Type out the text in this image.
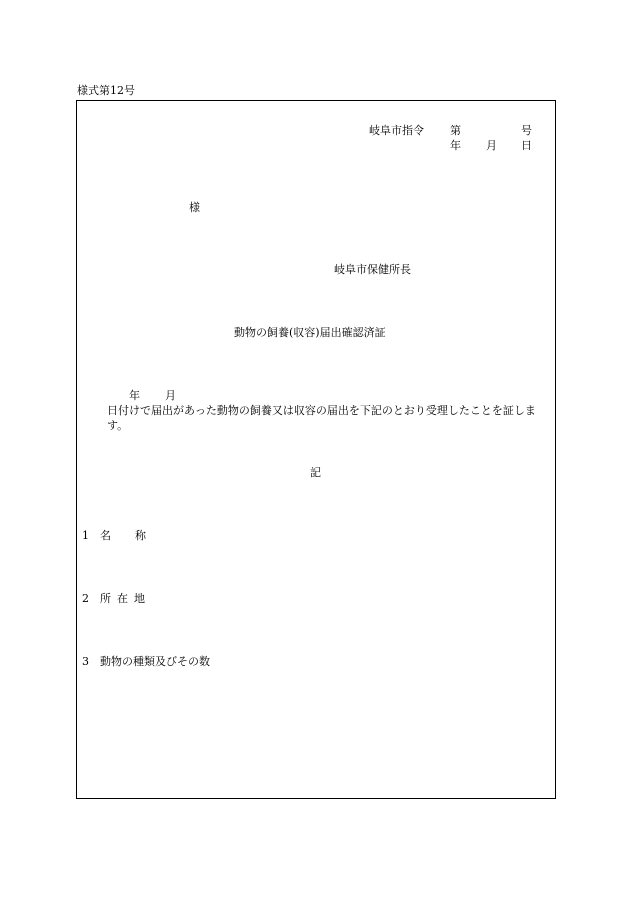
様式第12号
岐阜市指令 第	号
年 月 日
様
岐阜市保健所長
動物の飼養(収容)届出確認済証
年 月日付けで届出があった動物の飼養又は収容の届出を下記のとおり受理したことを証します。
記
1 名 称
2 所 在 地
3 動物の種類及びその数
